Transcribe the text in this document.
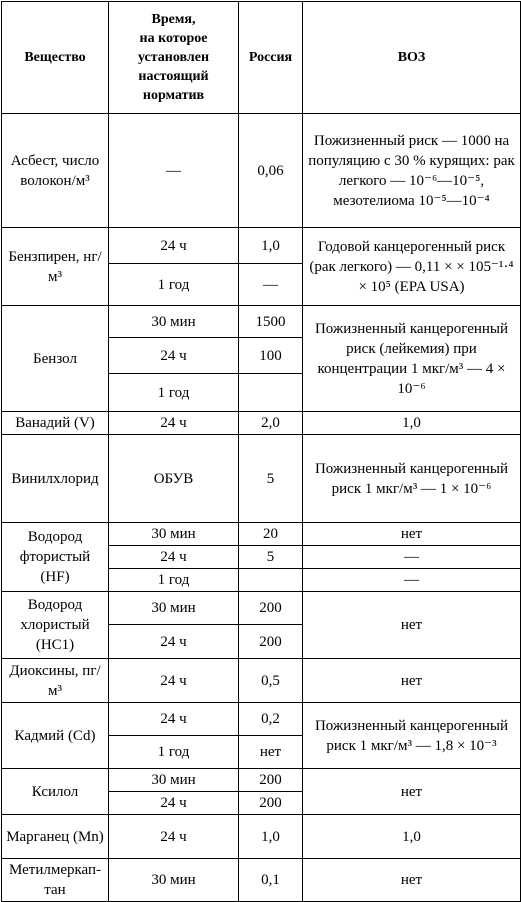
Вещество	Время,
на которое
установлен
настоящий
норматив	Россия	ВОЗ
Асбест, число волокон/м³	—	0,06	Пожизненный риск — 1000 на популяцию с 30 % курящих: рак легкого — 10⁻⁶—10⁻⁵, мезотелиома 10⁻⁵—10⁻⁴
Бензпирен, нг/м³	24 ч	1,0	Годовой канцерогенный риск (рак легкого) — 0,11 × × 105⁻¹·⁴ × 10⁵ (EPA USA)
	1 год	—	
Бензол	30 мин	1500	Пожизненный канцерогенный риск (лейкемия) при концентрации 1 мкг/м³ — 4 × 10⁻⁶
	24 ч	100	
	1 год		
Ванадий (V)	24 ч	2,0	1,0
Винилхлорид	ОБУВ	5	Пожизненный канцерогенный риск 1 мкг/м³ — 1 × 10⁻⁶
Водород фтористый (HF)	30 мин	20	нет
	24 ч	5	—
	1 год		—
Водород хлористый (HC1)	30 мин	200	нет
	24 ч	200	
Диоксины, пг/м³	24 ч	0,5	нет
Кадмий (Cd)	24 ч	0,2	Пожизненный канцерогенный риск 1 мкг/м³ — 1,8 × 10⁻³
	1 год	нет	
Ксилол	30 мин	200	нет
	24 ч	200	
Марганец (Mn)	24 ч	1,0	1,0
Метилмеркап-тан	30 мин	0,1	нет
